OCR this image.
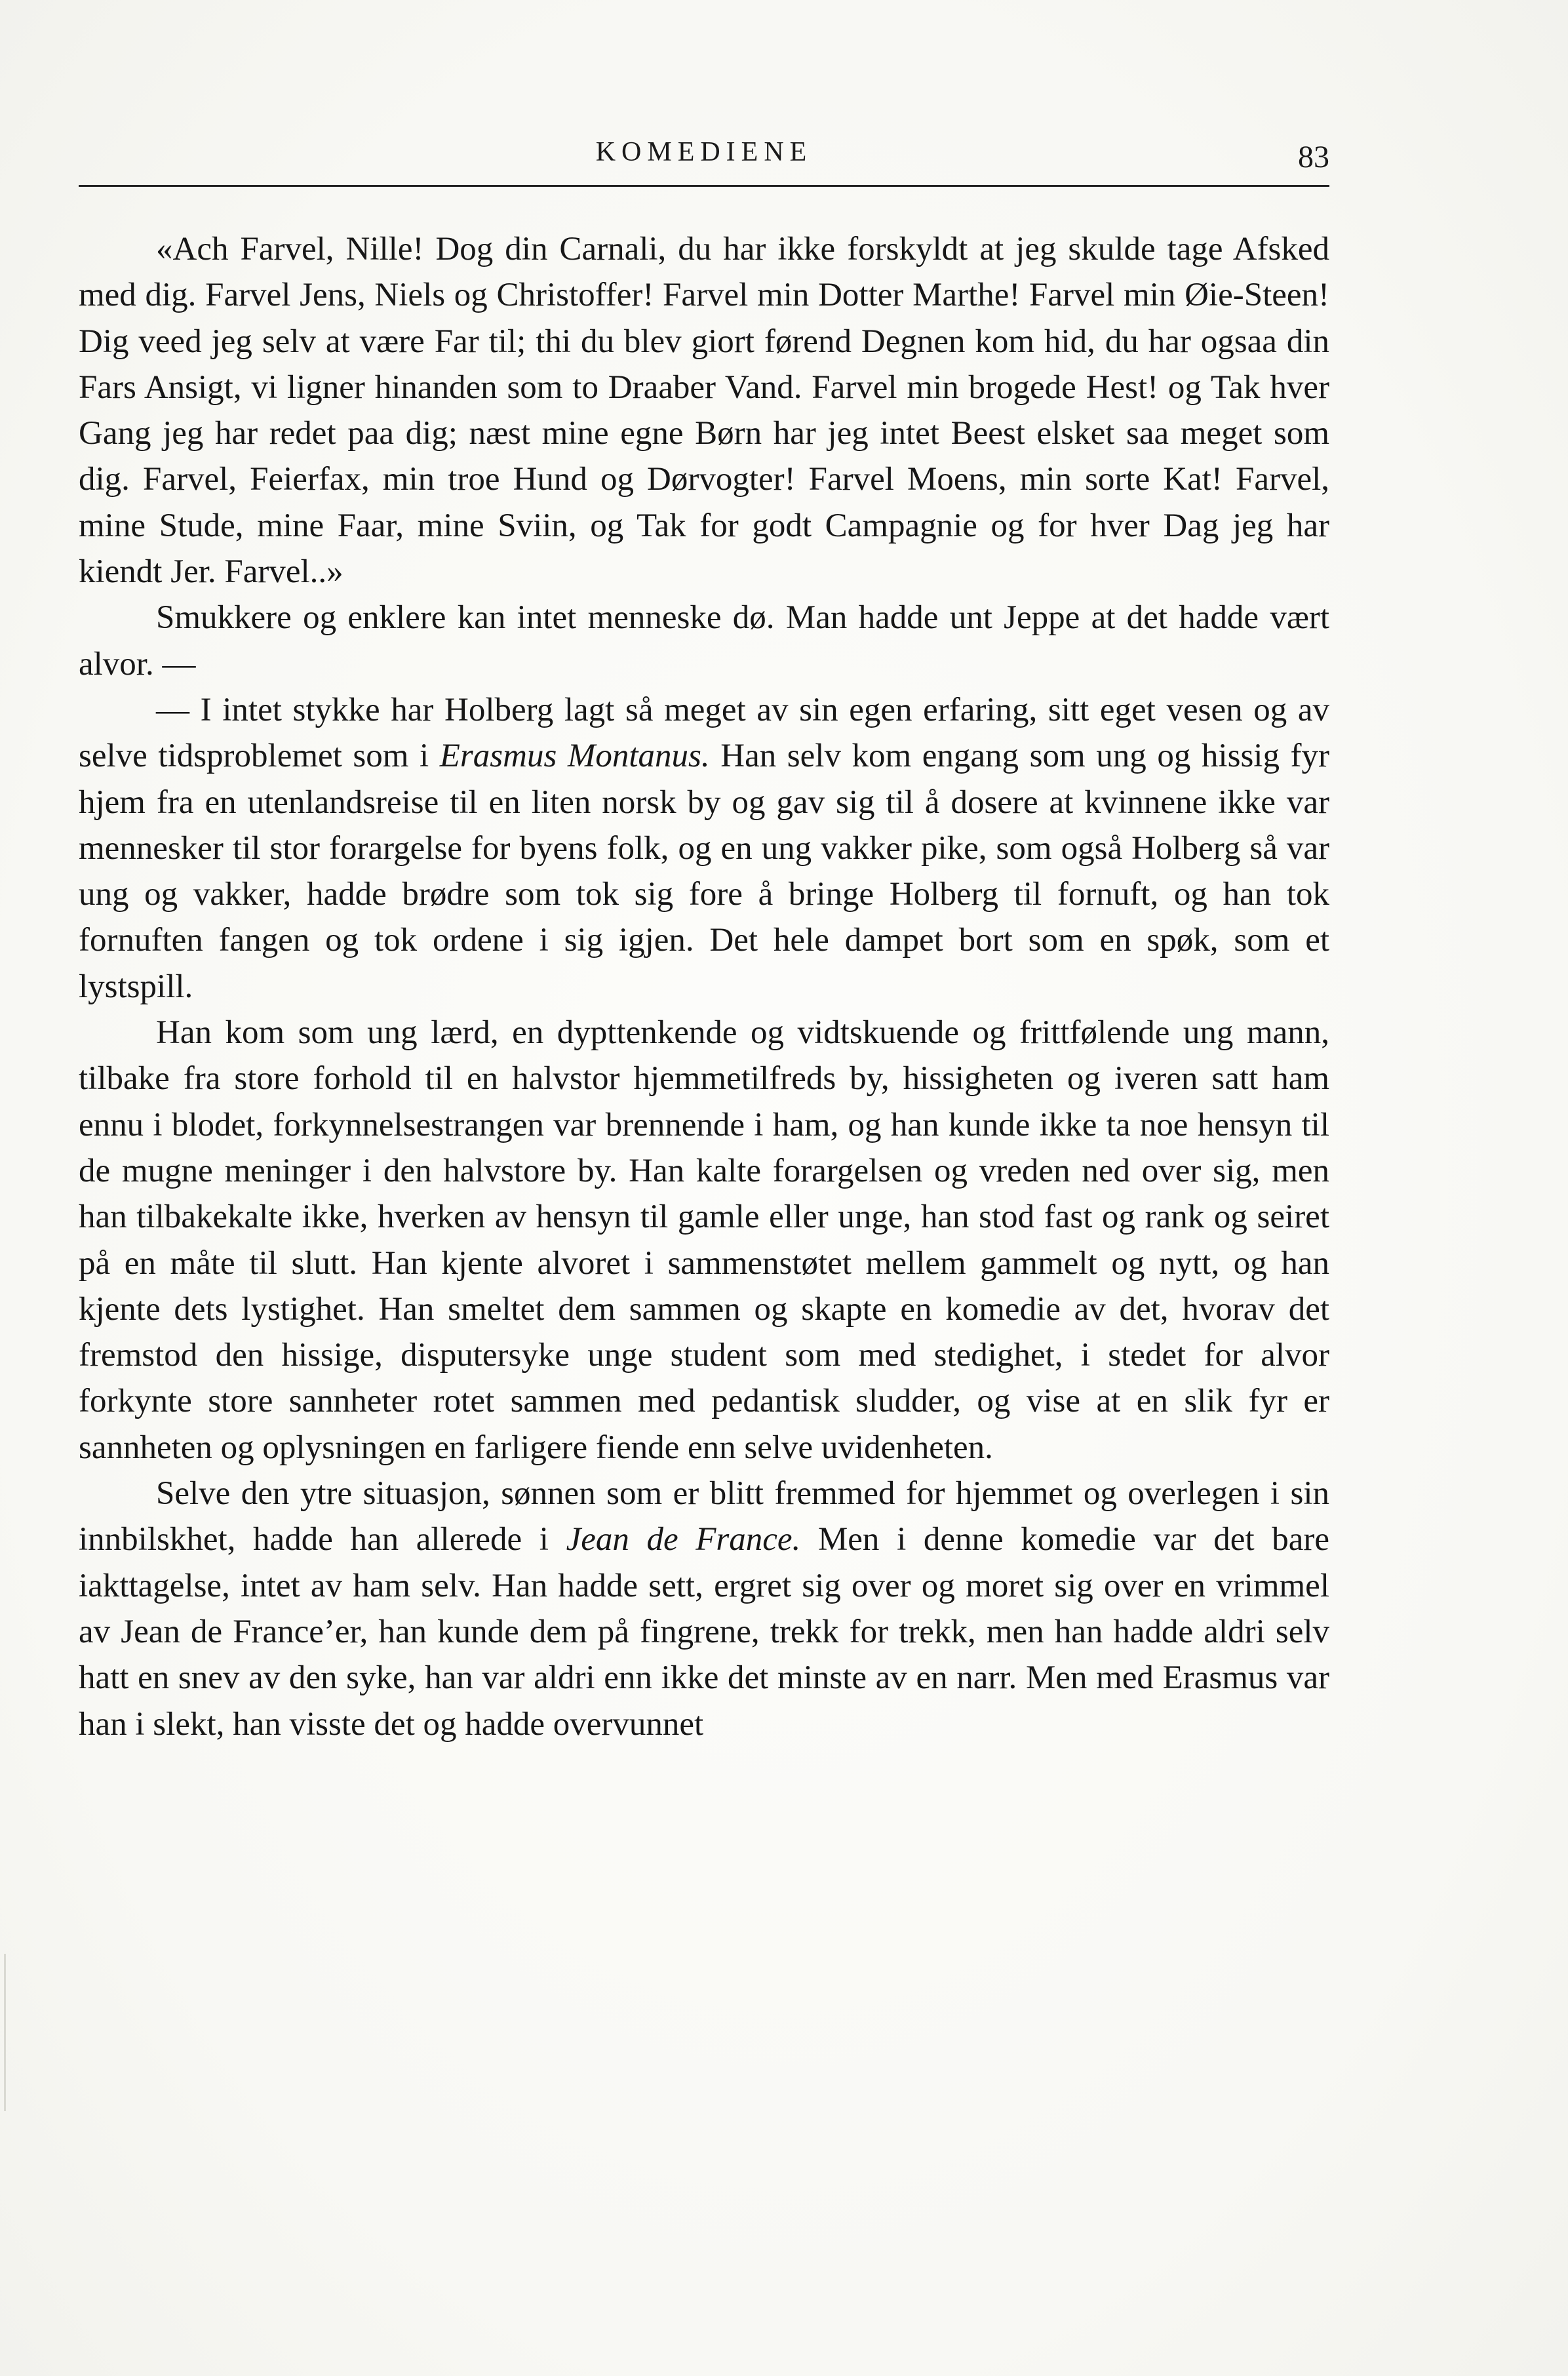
KOMEDIENE	83

«Ach Farvel, Nille! Dog din Carnali, du har ikke forskyldt at jeg skulde tage Afsked med dig. Farvel Jens, Niels og Christoffer! Farvel min Dotter Marthe! Farvel min Øie-Steen! Dig veed jeg selv at være Far til; thi du blev giort førend Degnen kom hid, du har ogsaa din Fars Ansigt, vi ligner hinanden som to Draaber Vand. Farvel min brogede Hest! og Tak hver Gang jeg har redet paa dig; næst mine egne Børn har jeg intet Beest elsket saa meget som dig. Farvel, Feierfax, min troe Hund og Dørvogter! Farvel Moens, min sorte Kat! Farvel, mine Stude, mine Faar, mine Sviin, og Tak for godt Campagnie og for hver Dag jeg har kiendt Jer. Farvel..»

Smukkere og enklere kan intet menneske dø. Man hadde unt Jeppe at det hadde vært alvor. —

— I intet stykke har Holberg lagt så meget av sin egen erfaring, sitt eget vesen og av selve tidsproblemet som i Erasmus Montanus. Han selv kom engang som ung og hissig fyr hjem fra en utenlandsreise til en liten norsk by og gav sig til å dosere at kvinnene ikke var mennesker til stor forargelse for byens folk, og en ung vakker pike, som også Holberg så var ung og vakker, hadde brødre som tok sig fore å bringe Holberg til fornuft, og han tok fornuften fangen og tok ordene i sig igjen. Det hele dampet bort som en spøk, som et lystspill.

Han kom som ung lærd, en dypttenkende og vidtskuende og frittfølende ung mann, tilbake fra store forhold til en halvstor hjemmetilfreds by, hissigheten og iveren satt ham ennu i blodet, forkynnelsestrangen var brennende i ham, og han kunde ikke ta noe hensyn til de mugne meninger i den halvstore by. Han kalte forargelsen og vreden ned over sig, men han tilbakekalte ikke, hverken av hensyn til gamle eller unge, han stod fast og rank og seiret på en måte til slutt. Han kjente alvoret i sammenstøtet mellem gammelt og nytt, og han kjente dets lystighet. Han smeltet dem sammen og skapte en komedie av det, hvorav det fremstod den hissige, disputersyke unge student som med stedighet, i stedet for alvor forkynte store sannheter rotet sammen med pedantisk sludder, og vise at en slik fyr er sannheten og oplysningen en farligere fiende enn selve uvidenheten.

Selve den ytre situasjon, sønnen som er blitt fremmed for hjemmet og overlegen i sin innbilskhet, hadde han allerede i Jean de France. Men i denne komedie var det bare iakttagelse, intet av ham selv. Han hadde sett, ergret sig over og moret sig over en vrimmel av Jean de France’er, han kunde dem på fingrene, trekk for trekk, men han hadde aldri selv hatt en snev av den syke, han var aldri enn ikke det minste av en narr. Men med Erasmus var han i slekt, han visste det og hadde overvunnet
